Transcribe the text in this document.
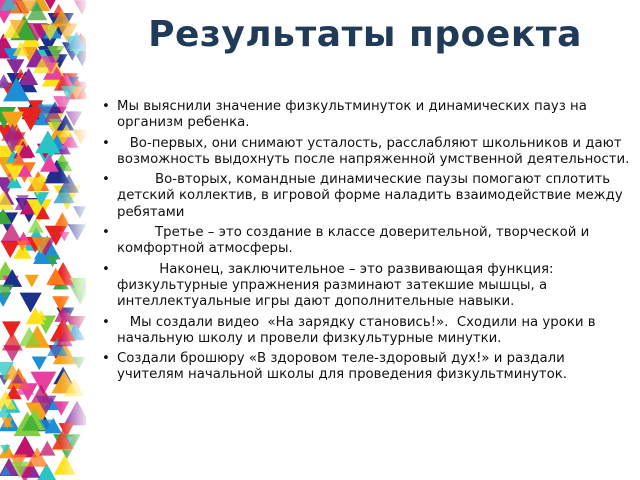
Результаты проекта
• Мы выяснили значение физкультминуток и динамических пауз на организм ребенка.
• Во-первых, они снимают усталость, расслабляют школьников и дают возможность выдохнуть после напряженной умственной деятельности.
• Во-вторых, командные динамические паузы помогают сплотить детский коллектив, в игровой форме наладить взаимодействие между ребятами
• Третье – это создание в классе доверительной, творческой и комфортной атмосферы.
• Наконец, заключительное – это развивающая функция: физкультурные упражнения разминают затекшие мышцы, а интеллектуальные игры дают дополнительные навыки.
• Мы создали видео  «На зарядку становись!».  Сходили на уроки в начальную школу и провели физкультурные минутки.
• Создали брошюру «В здоровом теле-здоровый дух!» и раздали учителям начальной школы для проведения физкультминуток.
